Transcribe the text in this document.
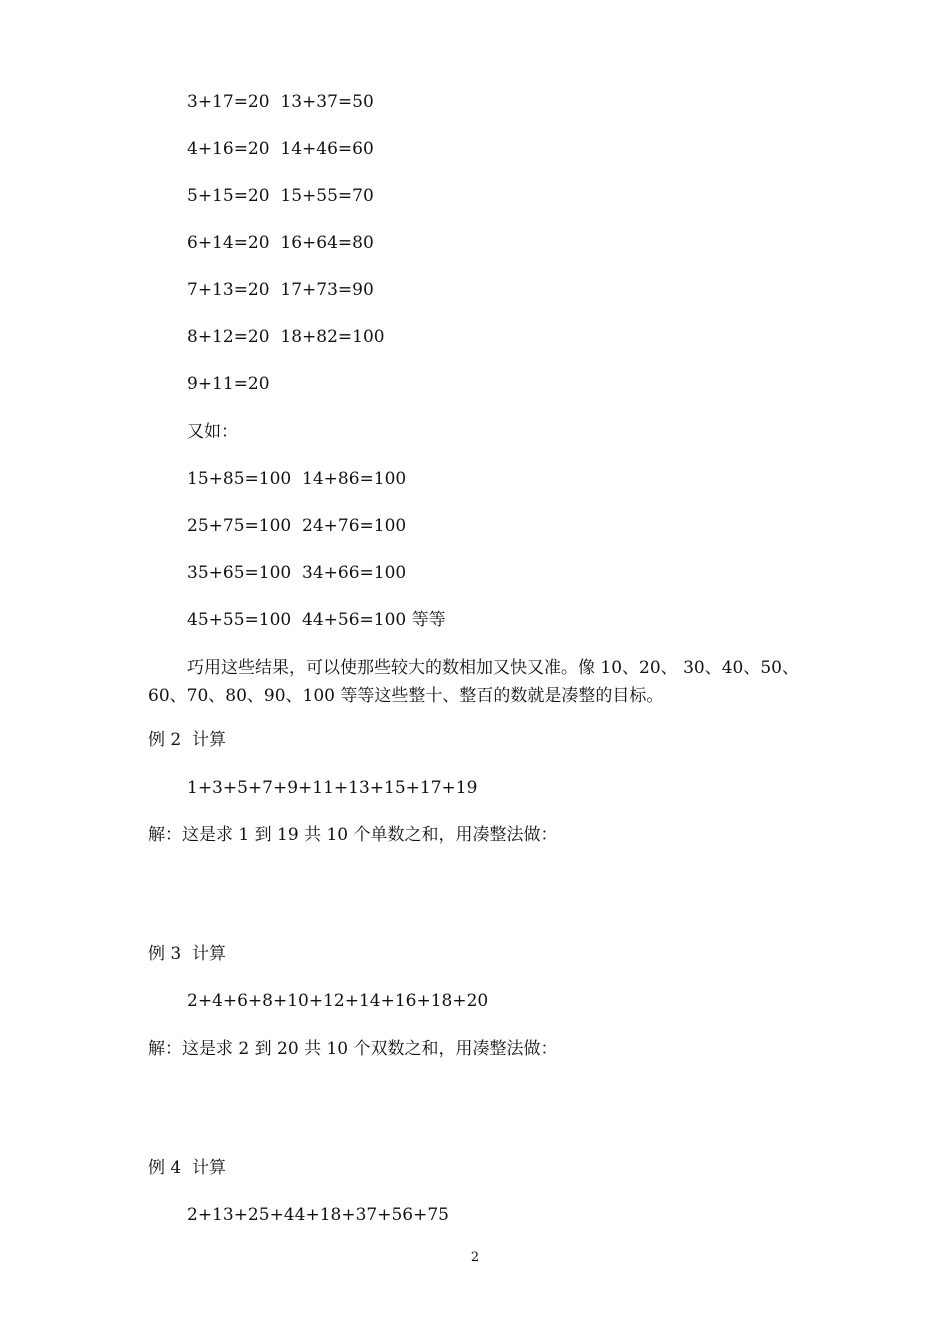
3+17=20  13+37=50
4+16=20  14+46=60
5+15=20  15+55=70
6+14=20  16+64=80
7+13=20  17+73=90
8+12=20  18+82=100
9+11=20
又如：
15+85=100  14+86=100
25+75=100  24+76=100
35+65=100  34+66=100
45+55=100  44+56=100 等等
巧用这些结果，可以使那些较大的数相加又快又准。像 10、20、 30、40、50、
60、70、80、90、100 等等这些整十、整百的数就是凑整的目标。
例 2  计算
1+3+5+7+9+11+13+15+17+19
解：这是求 1 到 19 共 10 个单数之和，用凑整法做：
例 3  计算
2+4+6+8+10+12+14+16+18+20
解：这是求 2 到 20 共 10 个双数之和，用凑整法做：
例 4  计算
2+13+25+44+18+37+56+75
2
